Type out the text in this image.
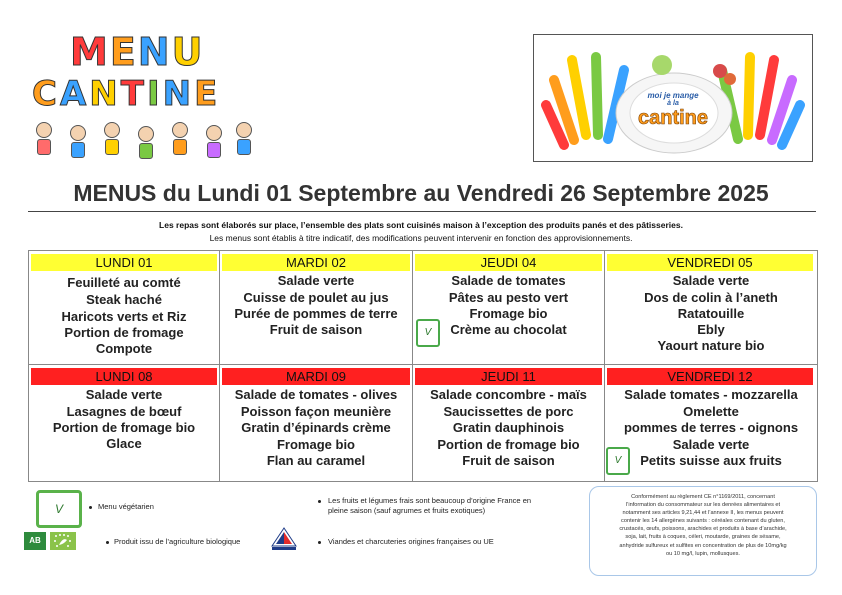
MENU
CANTINE	moi je mange
à la
cantine
MENUS du Lundi 01 Septembre au Vendredi 26 Septembre 2025
Les repas sont élaborés sur place, l’ensemble des plats sont cuisinés maison à l’exception des produits panés et des pâtisseries.
Les menus sont établis à titre indicatif, des modifications peuvent intervenir en fonction des approvisionnements.
LUNDI 01
Feuilleté au comté
Steak haché
Haricots verts et Riz
Portion de fromage
Compote
MARDI 02
Salade verte
Cuisse de poulet au jus
Purée de pommes de terre
Fruit de saison
JEUDI 04
Salade de tomates
Pâtes au pesto vert
Fromage bio
Crème au chocolat
V
VENDREDI 05
Salade verte
Dos de colin à l’aneth
Ratatouille
Ebly
Yaourt nature bio
LUNDI 08
Salade verte
Lasagnes de bœuf
Portion de fromage bio
Glace
MARDI 09
Salade de tomates - olives
Poisson façon meunière
Gratin d’épinards crème
Fromage bio
Flan au caramel
JEUDI 11
Salade concombre - maïs
Saucissettes de porc
Gratin dauphinois
Portion de fromage bio
Fruit de saison
VENDREDI 12
Salade tomates - mozzarella
Omelette
pommes de terres - oignons
Salade verte
Petits suisse aux fruits
V
V	Menu végétarien
AB	Produit issu de l’agriculture biologique
Les fruits et légumes frais sont beaucoup d’origine France en
pleine saison (sauf agrumes et fruits exotiques)
Viandes et charcuteries origines françaises ou UE
Conformément au règlement CE n°1169/2011, concernant
l’information du consommateur sur les denrées alimentaires et
notamment ses articles 9,21,44 et l’annexe II, les menus peuvent
contenir les 14 allergènes suivants : céréales contenant du gluten,
crustacés, œufs, poissons, arachides et produits à base d’arachide,
soja, lait, fruits à coques, céleri, moutarde, graines de sésame,
anhydride sulfureux et sulfites en concentration de plus de 10mg/kg
ou 10 mg/l, lupin, mollusques.
